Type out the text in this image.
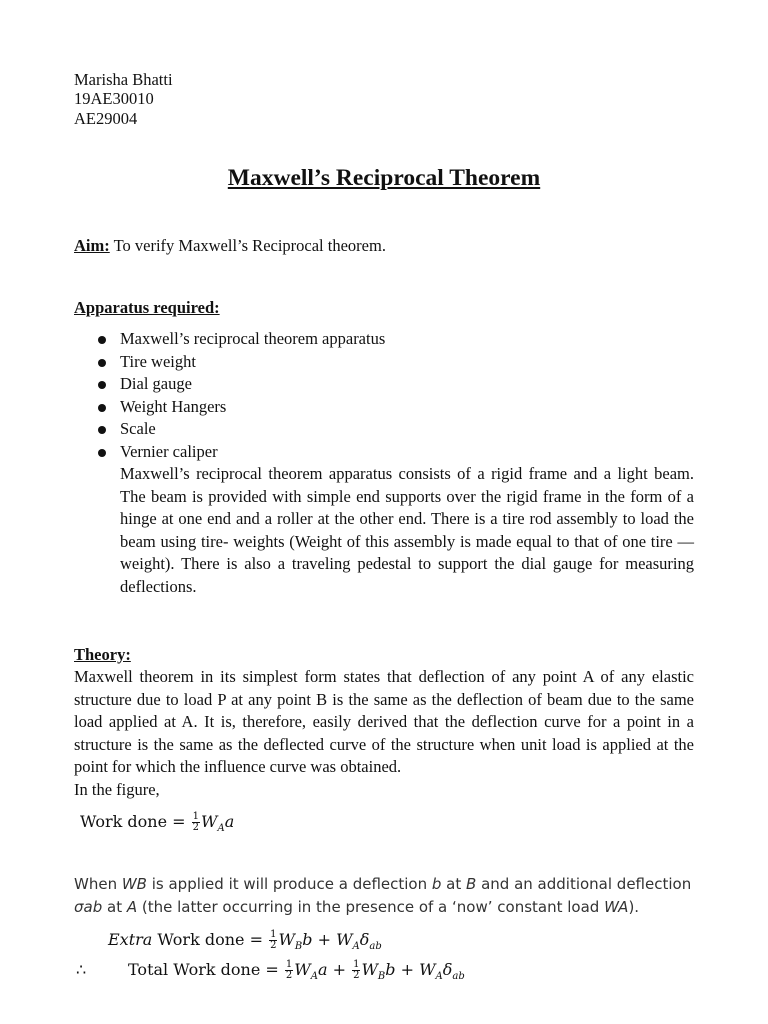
Marisha Bhatti
19AE30010
AE29004
Maxwell’s Reciprocal Theorem
Aim: To verify Maxwell’s Reciprocal theorem.
Apparatus required:
Maxwell’s reciprocal theorem apparatus
Tire weight
Dial gauge
Weight Hangers
Scale
Vernier caliper

Maxwell’s reciprocal theorem apparatus consists of a rigid frame and a light beam. The beam is provided with simple end supports over the rigid frame in the form of a hinge at one end and a roller at the other end. There is a tire rod assembly to load the beam using tire- weights (Weight of this assembly is made equal to that of one tire —weight). There is also a traveling pedestal to support the dial gauge for measuring deflections.

Theory:

Maxwell theorem in its simplest form states that deflection of any point A of any elastic structure due to load P at any point B is the same as the deflection of beam due to the same load applied at A. It is, therefore, easily derived that the deflection curve for a point in a structure is the same as the deflected curve of the structure when unit load is applied at the point for which the influence curve was obtained.

In the figure,
Work done = $\frac{1}{2} W_Aa$
When WB is applied it will produce a deflection b at B and an additional deflection
σab at A (the latter occurring in the presence of a ‘now’ constant load WA).
Extra Work done = $\frac{1}{2} W_Bb + W_A\delta_{ab}$
∴	Total Work done = $\frac{1}{2} W_Aa + \frac{1}{2} W_Bb + W_A\delta_{ab}$
